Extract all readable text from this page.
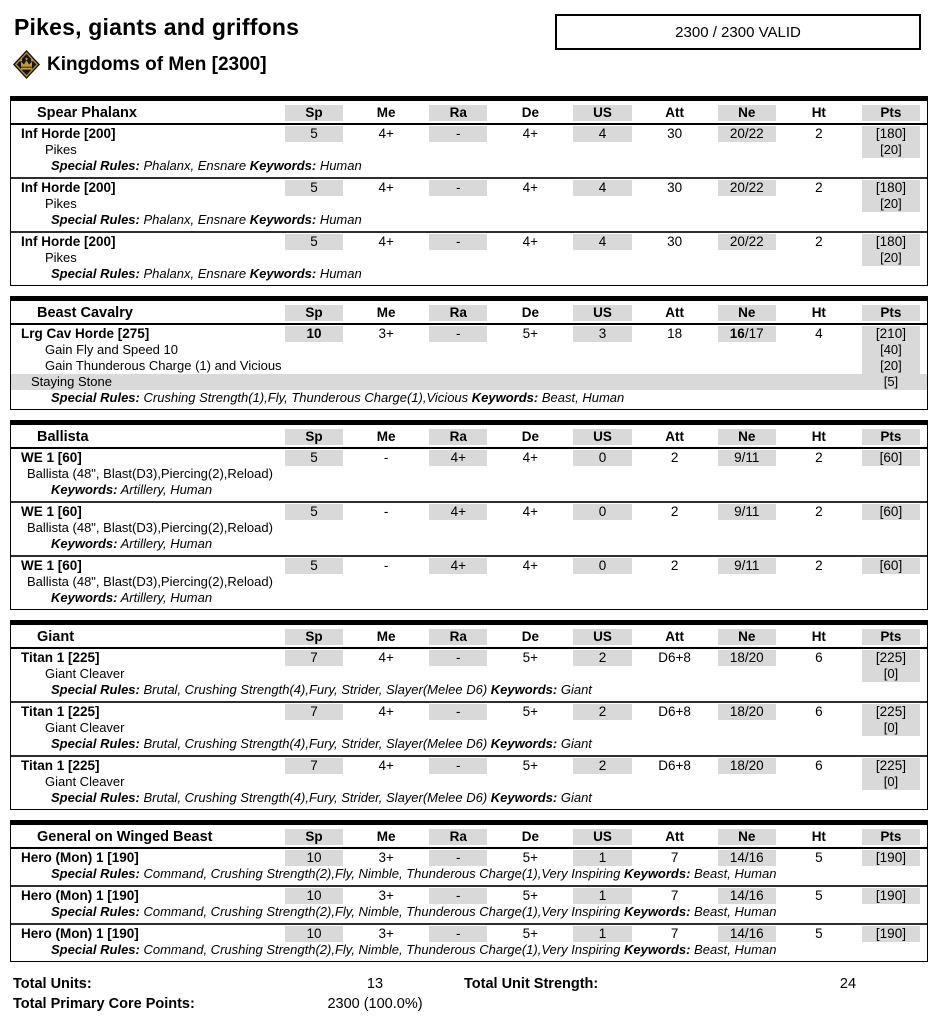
Pikes, giants and griffons	2300 / 2300 VALID
Kingdoms of Men [2300]
Spear Phalanx	Sp	Me	Ra	De	US	Att	Ne	Ht	Pts
Inf Horde [200]	5	4+	-	4+	4	30	20/22	2	[180]
Pikes	[20]
Special Rules: Phalanx, Ensnare Keywords: Human
Inf Horde [200]	5	4+	-	4+	4	30	20/22	2	[180]
Pikes	[20]
Special Rules: Phalanx, Ensnare Keywords: Human
Inf Horde [200]	5	4+	-	4+	4	30	20/22	2	[180]
Pikes	[20]
Special Rules: Phalanx, Ensnare Keywords: Human
Beast Cavalry	Sp	Me	Ra	De	US	Att	Ne	Ht	Pts
Lrg Cav Horde [275]	10	3+	-	5+	3	18	16/17	4	[210]
Gain Fly and Speed 10	[40]
Gain Thunderous Charge (1) and Vicious	[20]
Staying Stone	[5]
Special Rules: Crushing Strength(1),Fly, Thunderous Charge(1),Vicious Keywords: Beast, Human
Ballista	Sp	Me	Ra	De	US	Att	Ne	Ht	Pts
WE 1 [60]	5	-	4+	4+	0	2	9/11	2	[60]
Ballista (48", Blast(D3),Piercing(2),Reload)
Keywords: Artillery, Human
WE 1 [60]	5	-	4+	4+	0	2	9/11	2	[60]
Ballista (48", Blast(D3),Piercing(2),Reload)
Keywords: Artillery, Human
WE 1 [60]	5	-	4+	4+	0	2	9/11	2	[60]
Ballista (48", Blast(D3),Piercing(2),Reload)
Keywords: Artillery, Human
Giant	Sp	Me	Ra	De	US	Att	Ne	Ht	Pts
Titan 1 [225]	7	4+	-	5+	2	D6+8	18/20	6	[225]
Giant Cleaver	[0]
Special Rules: Brutal, Crushing Strength(4),Fury, Strider, Slayer(Melee D6) Keywords: Giant
Titan 1 [225]	7	4+	-	5+	2	D6+8	18/20	6	[225]
Giant Cleaver	[0]
Special Rules: Brutal, Crushing Strength(4),Fury, Strider, Slayer(Melee D6) Keywords: Giant
Titan 1 [225]	7	4+	-	5+	2	D6+8	18/20	6	[225]
Giant Cleaver	[0]
Special Rules: Brutal, Crushing Strength(4),Fury, Strider, Slayer(Melee D6) Keywords: Giant
General on Winged Beast	Sp	Me	Ra	De	US	Att	Ne	Ht	Pts
Hero (Mon) 1 [190]	10	3+	-	5+	1	7	14/16	5	[190]
Special Rules: Command, Crushing Strength(2),Fly, Nimble, Thunderous Charge(1),Very Inspiring Keywords: Beast, Human
Hero (Mon) 1 [190]	10	3+	-	5+	1	7	14/16	5	[190]
Special Rules: Command, Crushing Strength(2),Fly, Nimble, Thunderous Charge(1),Very Inspiring Keywords: Beast, Human
Hero (Mon) 1 [190]	10	3+	-	5+	1	7	14/16	5	[190]
Special Rules: Command, Crushing Strength(2),Fly, Nimble, Thunderous Charge(1),Very Inspiring Keywords: Beast, Human
Total Units:	13	Total Unit Strength:	24
Total Primary Core Points:	2300 (100.0%)
